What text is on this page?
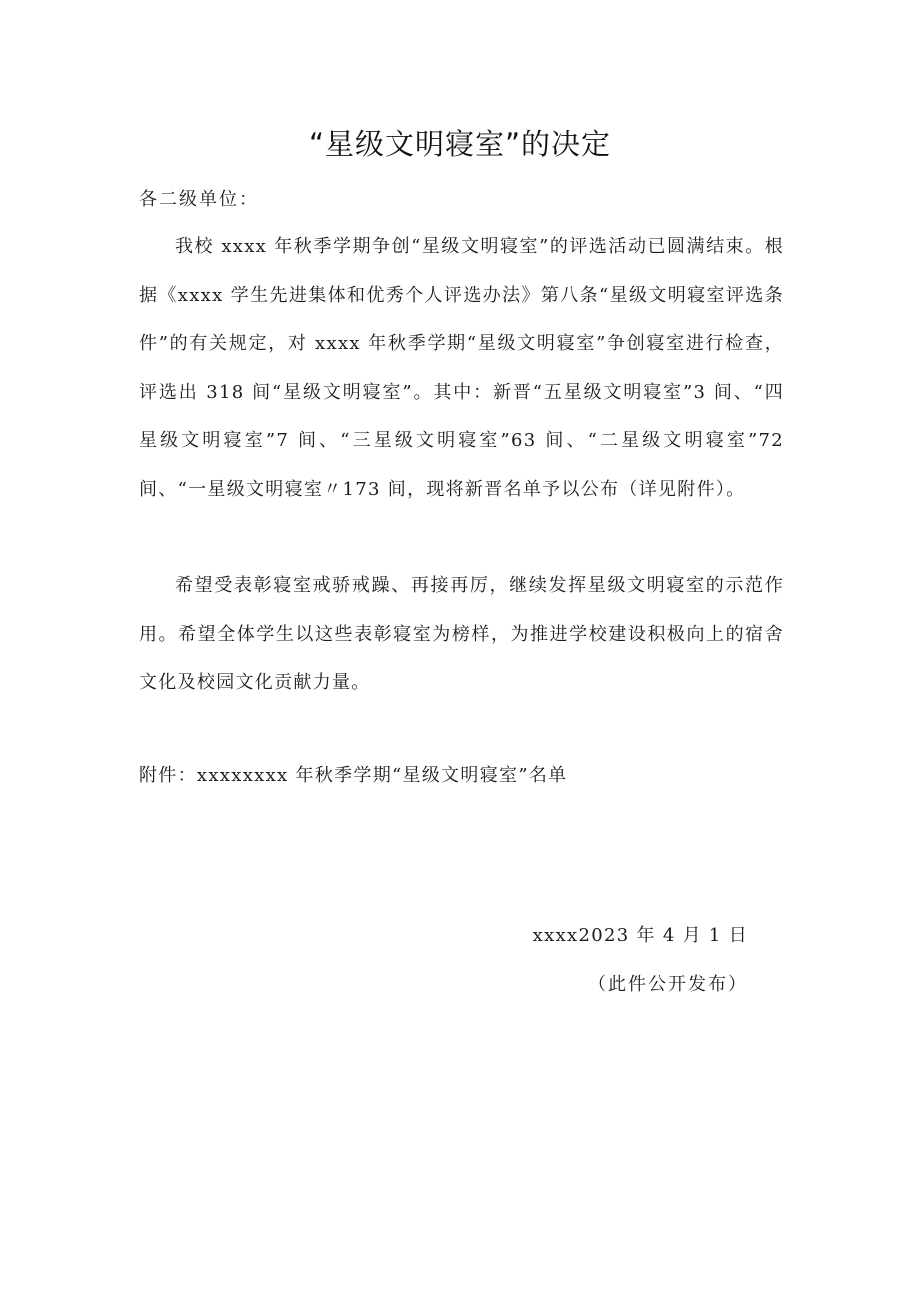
“星级文明寝室”的决定
各二级单位：
我校 xxxx 年秋季学期争创“星级文明寝室”的评选活动已圆满结束。根据《xxxx 学生先进集体和优秀个人评选办法》第八条“星级文明寝室评选条件”的有关规定，对 xxxx 年秋季学期“星级文明寝室”争创寝室进行检查，评选出 318 间“星级文明寝室”。其中：新晋“五星级文明寝室”3 间、“四星级文明寝室”7 间、“三星级文明寝室”63 间、“二星级文明寝室”72 间、“一星级文明寝室〃173 间，现将新晋名单予以公布（详见附件）。
希望受表彰寝室戒骄戒躁、再接再厉，继续发挥星级文明寝室的示范作用。希望全体学生以这些表彰寝室为榜样，为推进学校建设积极向上的宿舍文化及校园文化贡献力量。
附件：xxxxxxxx 年秋季学期“星级文明寝室”名单
xxxx2023 年 4 月 1 日
（此件公开发布）
